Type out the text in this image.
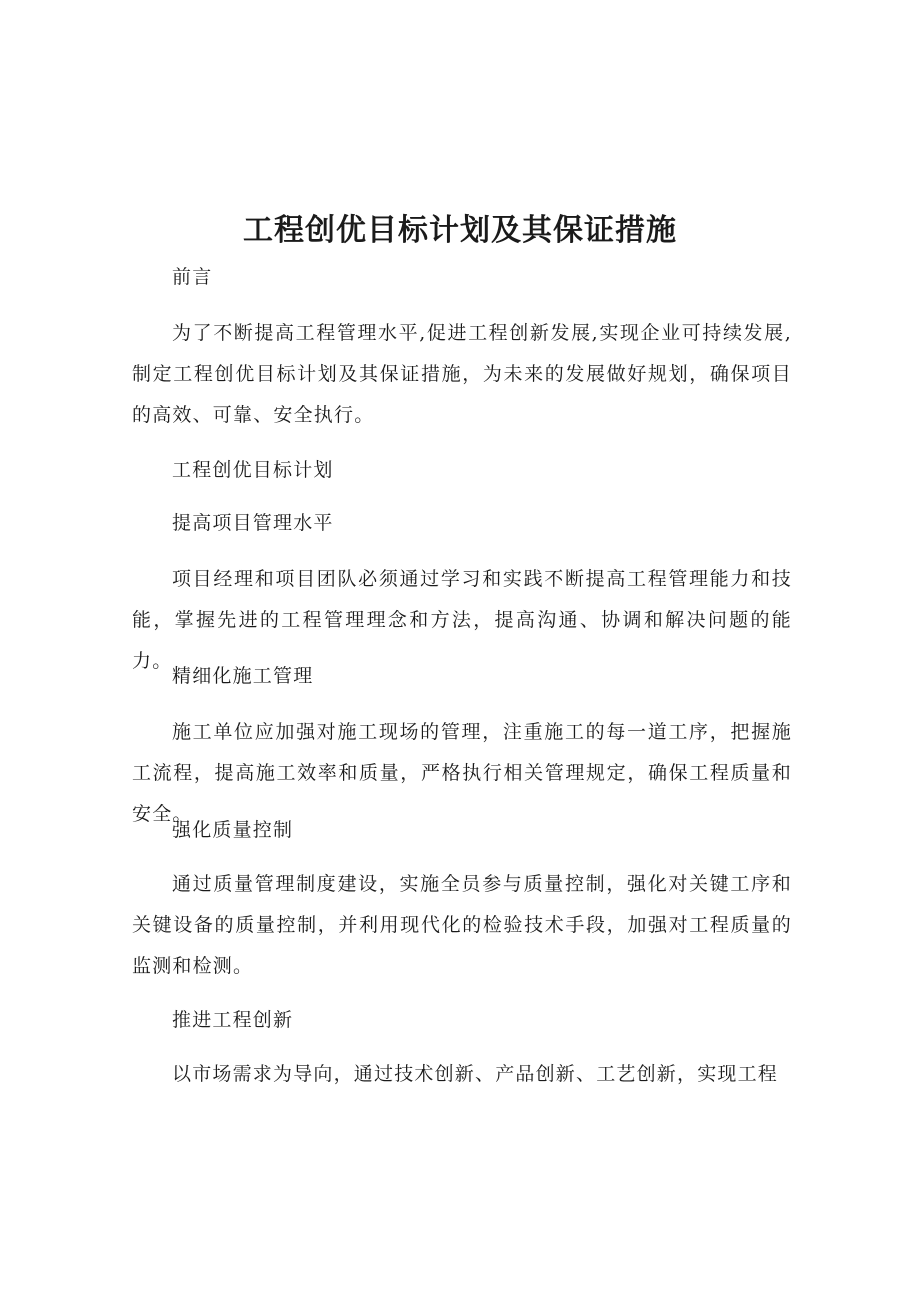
工程创优目标计划及其保证措施

前言

为了不断提高工程管理水平,促进工程创新发展,实现企业可持续发展,制定工程创优目标计划及其保证措施，为未来的发展做好规划，确保项目的高效、可靠、安全执行。

工程创优目标计划

提高项目管理水平

项目经理和项目团队必须通过学习和实践不断提高工程管理能力和技能，掌握先进的工程管理理念和方法，提高沟通、协调和解决问题的能力。

精细化施工管理

施工单位应加强对施工现场的管理，注重施工的每一道工序，把握施工流程，提高施工效率和质量，严格执行相关管理规定，确保工程质量和安全。

强化质量控制

通过质量管理制度建设，实施全员参与质量控制，强化对关键工序和关键设备的质量控制，并利用现代化的检验技术手段，加强对工程质量的监测和检测。

推进工程创新

以市场需求为导向，通过技术创新、产品创新、工艺创新，实现工程
